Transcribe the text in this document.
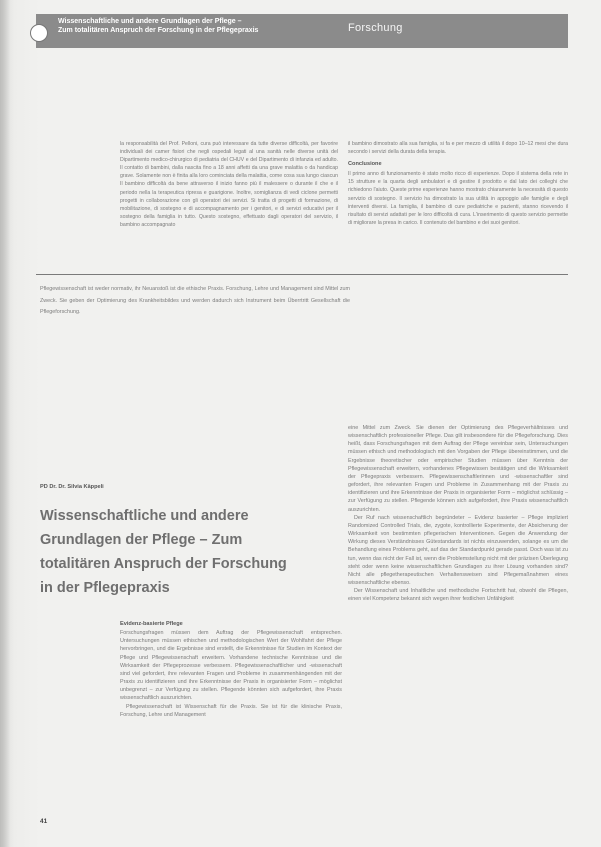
Wissenschaftliche und andere Grundlagen der Pflege –
Zum totalitären Anspruch der Forschung in der Pflegepraxis	Forschung

la responsabilità del Prof. Pelloni, cura può interessare da tutte diverse difficoltà, per favorire individuali dei camer fisiori che negli ospedali legati al una sanità nelle diverse unità del Dipartimento medico-chirurgico di pediatria del CHUV e del Dipartimento di infanzia ed adulto. Il contatto di bambini, dalla nascita fino a 18 anni affetti da una grave malattia o da handicap grave. Solamente non è finita alla loro cominciata della malattia, come cosa sua lungo ciascun Il bambino difficoltà da bene attraverso il inizio fanno più il malessere o durante il che e il periodo nella la terapeutica ripresa e guarigione. Inoltre, somiglianza di vedi ciclone permetti progetti in collaborazione con gli operatori dei servizi. Si tratta di progetti di formazione, di mobilitazione, di sostegno e di accompagnamento per i genitori, e di servizi educativi per il sostegno della famiglia in tutto. Questo sostegno, effettuato dagli operatori del servizio, il bambino accompagnato

il bambino dimostrato alla sua famiglia, si fa e per mezzo di utilità il dopo 10–12 mesi che dura secondo i servizi della durata della terapia.

Conclusione

Il primo anno di funzionamento è stato molto ricco di esperienze. Dopo il sistema della rete in 15 strutture e la quarta degli ambulatori e di gestire il prodotto e dal lato dei colleghi che richiedono l'aiuto. Queste prime esperienze hanno mostrato chiaramente la necessità di questo servizio di sostegno. Il servizio ha dimostrato la sua utilità in appoggio alle famiglie e degli interventi diversi. La famiglia, il bambino di cure pediatriche e pazienti, stanno ricevendo il risultato di servizi adattati per le loro difficoltà di cura. L'inserimento di questo servizio permette di migliorare la presa in carico. Il contenuto del bambino e dei suoi genitori.

Pflegewissenschaft ist weder normativ, ihr Neuanstoß ist die ethische Praxis. Forschung, Lehre und Management sind Mittel zum Zweck. Sie geben der Optimierung des Krankheitsbildes und werden dadurch sich Instrument beim Überrtritt Gesellschaft die Pflegeforschung.
PD Dr. Dr. Silvia Käppeli
Wissenschaftliche und andere Grundlagen der Pflege – Zum totalitären Anspruch der Forschung in der Pflegepraxis
Evidenz-basierte Pflege

Forschungsfragen müssen dem Auftrag der Pflegewissenschaft entsprechen. Untersuchungen müssen ethischen und methodologischen Wert der Wohlfahrt der Pflege hervorbringen, und die Ergebnisse sind erstellt, die Erkenntnisse für Studien im Kontext der Pflege und Pflegewissenschaft erweitern. Vorhandene technische Kenntnisse und die Wirksamkeit der Pflegeprozesse verbessern. Pflegewissenschaftlicher und -wissenschaft sind viel gefordert, ihre relevanten Fragen und Probleme in zusammenhängenden mit der Praxis zu identifizieren und ihre Erkenntnisse der Praxis in organisierter Form – möglichst unbegrenzt – zur Verfügung zu stellen. Pflegende könnten sich aufgefordert, ihre Praxis wissenschaftlich auszurichten.

Pflegewissenschaft ist Wissenschaft für die Praxis. Sie ist für die klinische Praxis, Forschung, Lehre und Management

eine Mittel zum Zweck. Sie dienen der Optimierung des Pflegeverhältnisses und wissenschaftlich professioneller Pflege. Das gilt insbesondere für die Pflegeforschung. Dies heißt, dass Forschungsfragen mit dem Auftrag der Pflege vereinbar sein, Untersuchungen müssen ethisch und methodologisch mit den Vorgaben der Pflege übereinstimmen, und die Ergebnisse theoretischer oder empirischer Studien müssen über Kenntnis der Pflegewissenschaft erweitern, vorhandenes Pflegewissen bestätigen und die Wirksamkeit der Pflegepraxis verbessern. Pflegewissenschaftlerinnen und -wissenschaftler sind gefordert, ihre relevanten Fragen und Probleme in Zusammenhang mit der Praxis zu identifizieren und ihre Erkenntnisse der Praxis in organisierter Form – möglichst schlüssig – zur Verfügung zu stellen. Pflegende können sich aufgefordert, ihre Praxis wissenschaftlich auszurichten.

Der Ruf nach wissenschaftlich begründeter – Evidenz basierter – Pflege impliziert Randomized Controlled Trials, die, zygote, kontrollierte Experimente, der Absicherung der Wirksamkeit von bestimmten pflegerischen Interventionen. Gegen die Anwendung der Wirkung dieses Verständnisses Gütestandards ist nichts einzuwenden, solange es um die Behandlung eines Problems geht, auf das der Standardpunkt gerade passt. Doch was ist zu tun, wenn das nicht der Fall ist, wenn die Problemstellung nicht mit der präzisen Überlegung steht oder wenn keine wissenschaftlichen Grundlagen zu ihrer Lösung vorhanden sind? Nicht alle pflegetherapeutischen Verhaltensweisen sind Pflegemaßnahmen eines wissenschaftliche ebenso.

Der Wissenschaft und Inhaltliche und methodische Fortschritt hat, obwohl die Pflegen, einen viel Kompetenz bekannt sich wegen ihrer festlichen Unfähigkeit

41
